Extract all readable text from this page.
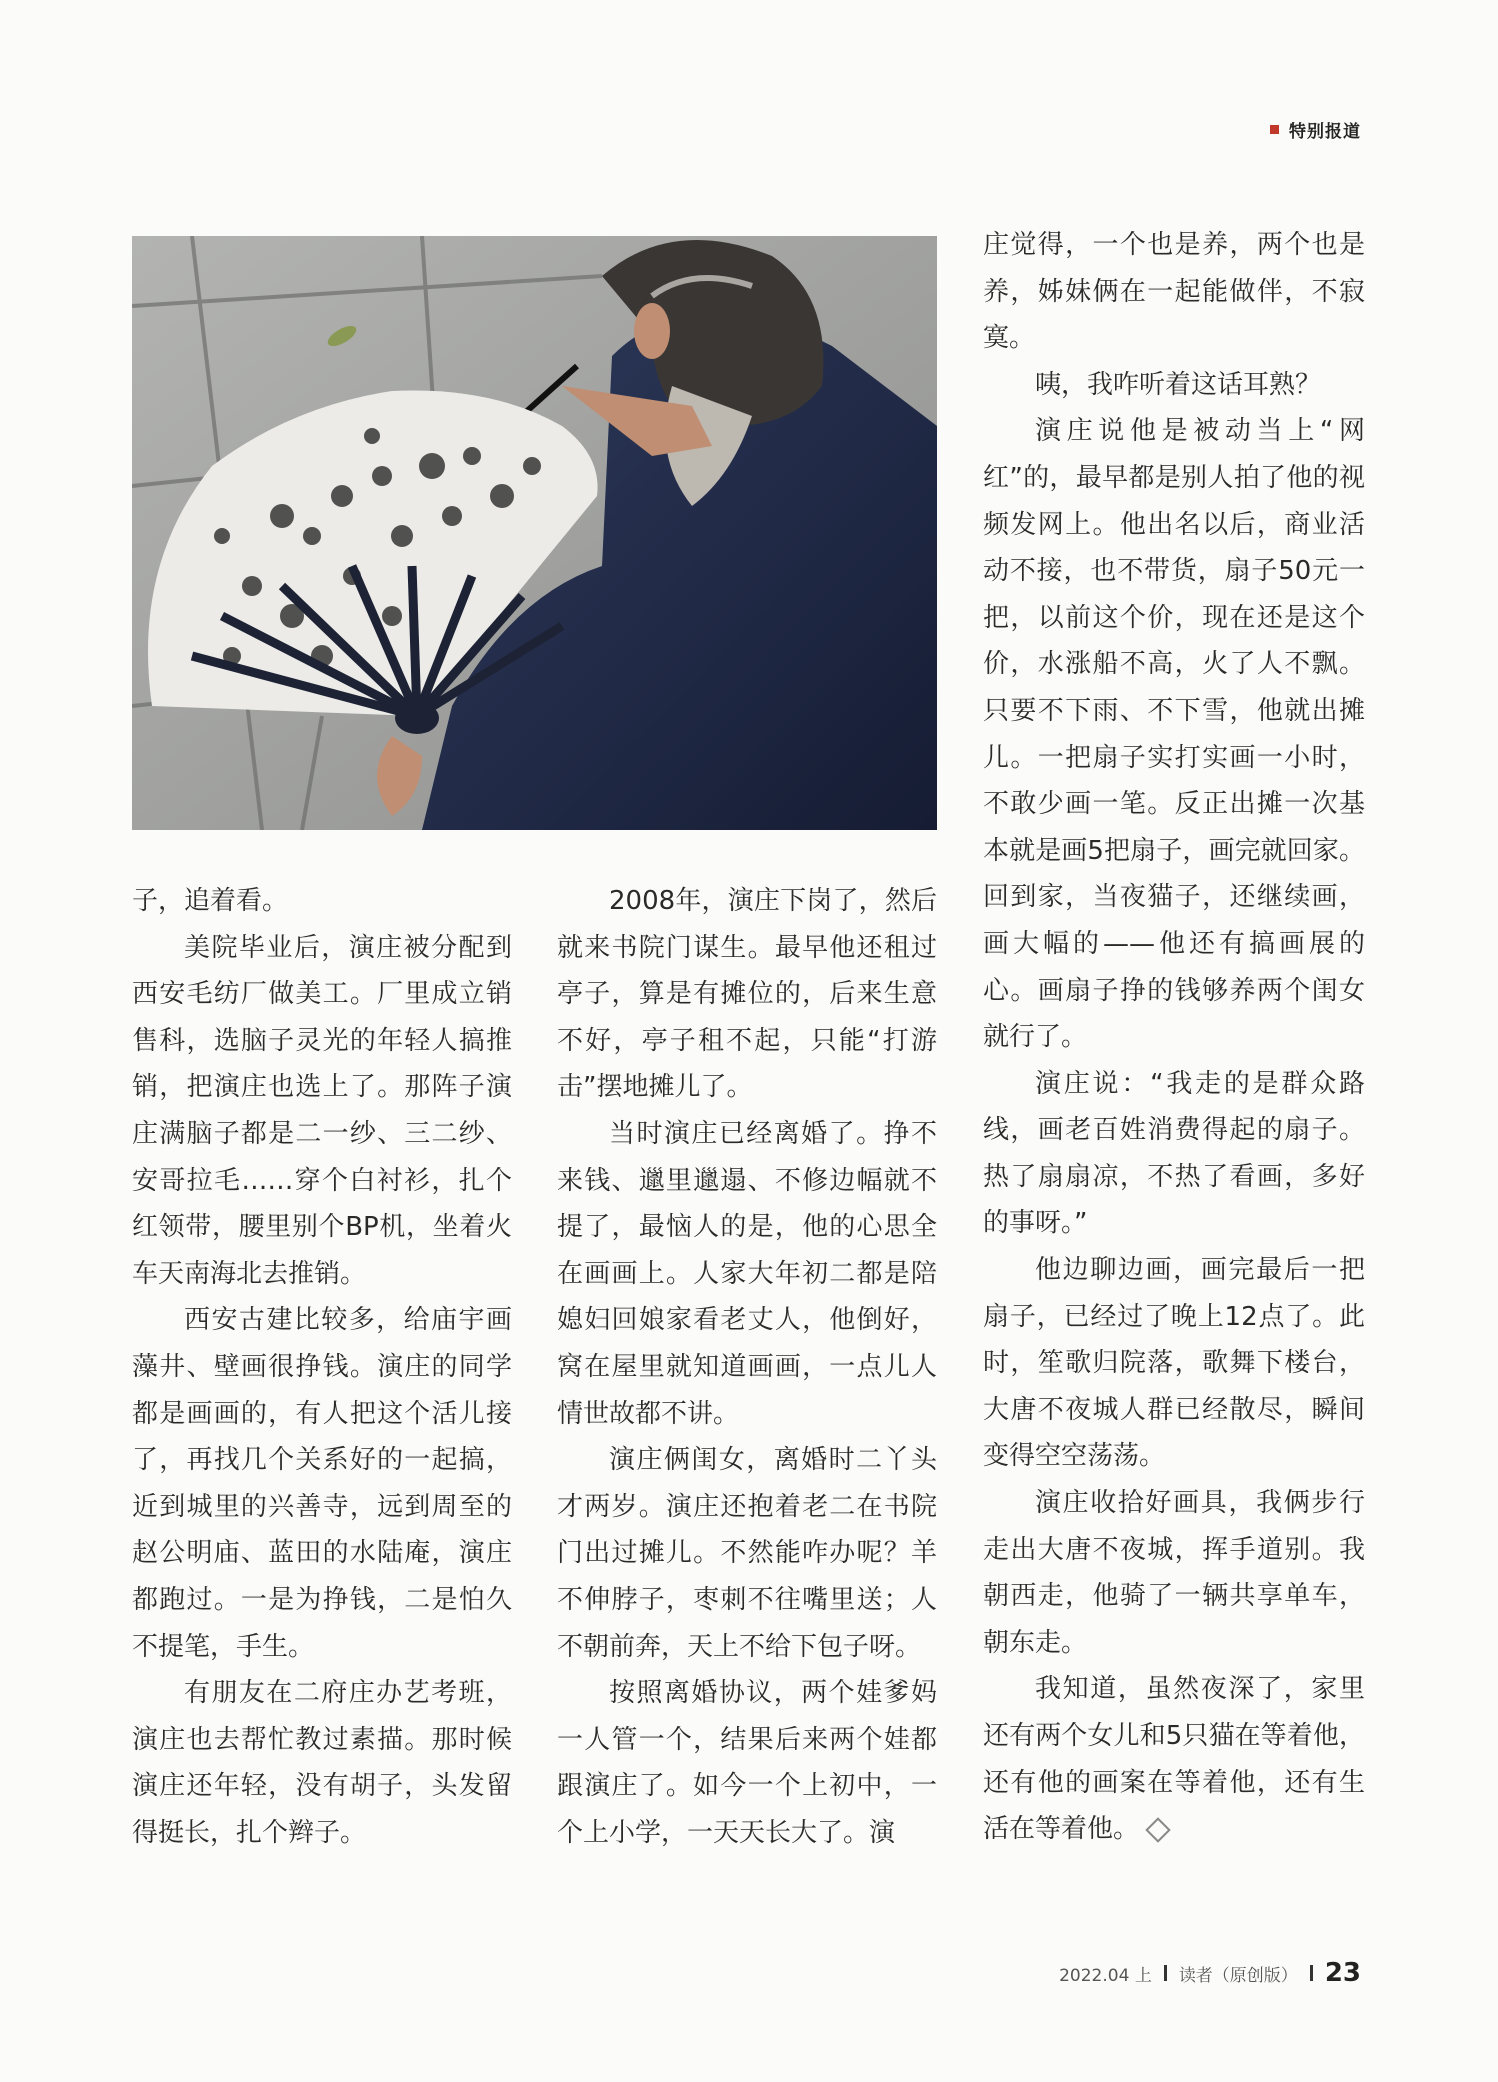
特别报道

子，追着看。

美院毕业后，演庄被分配到西安毛纺厂做美工。厂里成立销售科，选脑子灵光的年轻人搞推销，把演庄也选上了。那阵子演庄满脑子都是二一纱、三二纱、安哥拉毛……穿个白衬衫，扎个红领带，腰里别个BP机，坐着火车天南海北去推销。

西安古建比较多，给庙宇画藻井、壁画很挣钱。演庄的同学都是画画的，有人把这个活儿接了，再找几个关系好的一起搞，近到城里的兴善寺，远到周至的赵公明庙、蓝田的水陆庵，演庄都跑过。一是为挣钱，二是怕久不提笔，手生。

有朋友在二府庄办艺考班，演庄也去帮忙教过素描。那时候演庄还年轻，没有胡子，头发留得挺长，扎个辫子。

2008年，演庄下岗了，然后就来书院门谋生。最早他还租过亭子，算是有摊位的，后来生意不好，亭子租不起，只能“打游击”摆地摊儿了。

当时演庄已经离婚了。挣不来钱、邋里邋遢、不修边幅就不提了，最恼人的是，他的心思全在画画上。人家大年初二都是陪媳妇回娘家看老丈人，他倒好，窝在屋里就知道画画，一点儿人情世故都不讲。

演庄俩闺女，离婚时二丫头才两岁。演庄还抱着老二在书院门出过摊儿。不然能咋办呢？羊不伸脖子，枣刺不往嘴里送；人不朝前奔，天上不给下包子呀。

按照离婚协议，两个娃爹妈一人管一个，结果后来两个娃都跟演庄了。如今一个上初中，一个上小学，一天天长大了。演

庄觉得，一个也是养，两个也是养，姊妹俩在一起能做伴，不寂寞。

咦，我咋听着这话耳熟？

演庄说他是被动当上“网红”的，最早都是别人拍了他的视频发网上。他出名以后，商业活动不接，也不带货，扇子50元一把，以前这个价，现在还是这个价，水涨船不高，火了人不飘。只要不下雨、不下雪，他就出摊儿。一把扇子实打实画一小时，不敢少画一笔。反正出摊一次基本就是画5把扇子，画完就回家。回到家，当夜猫子，还继续画，画大幅的——他还有搞画展的心。画扇子挣的钱够养两个闺女就行了。

演庄说：“我走的是群众路线，画老百姓消费得起的扇子。热了扇扇凉，不热了看画，多好的事呀。”

他边聊边画，画完最后一把扇子，已经过了晚上12点了。此时，笙歌归院落，歌舞下楼台，大唐不夜城人群已经散尽，瞬间变得空空荡荡。

演庄收拾好画具，我俩步行走出大唐不夜城，挥手道别。我朝西走，他骑了一辆共享单车，朝东走。

我知道，虽然夜深了，家里还有两个女儿和5只猫在等着他，还有他的画案在等着他，还有生活在等着他。

2022.04 上 读者（原创版） 23
